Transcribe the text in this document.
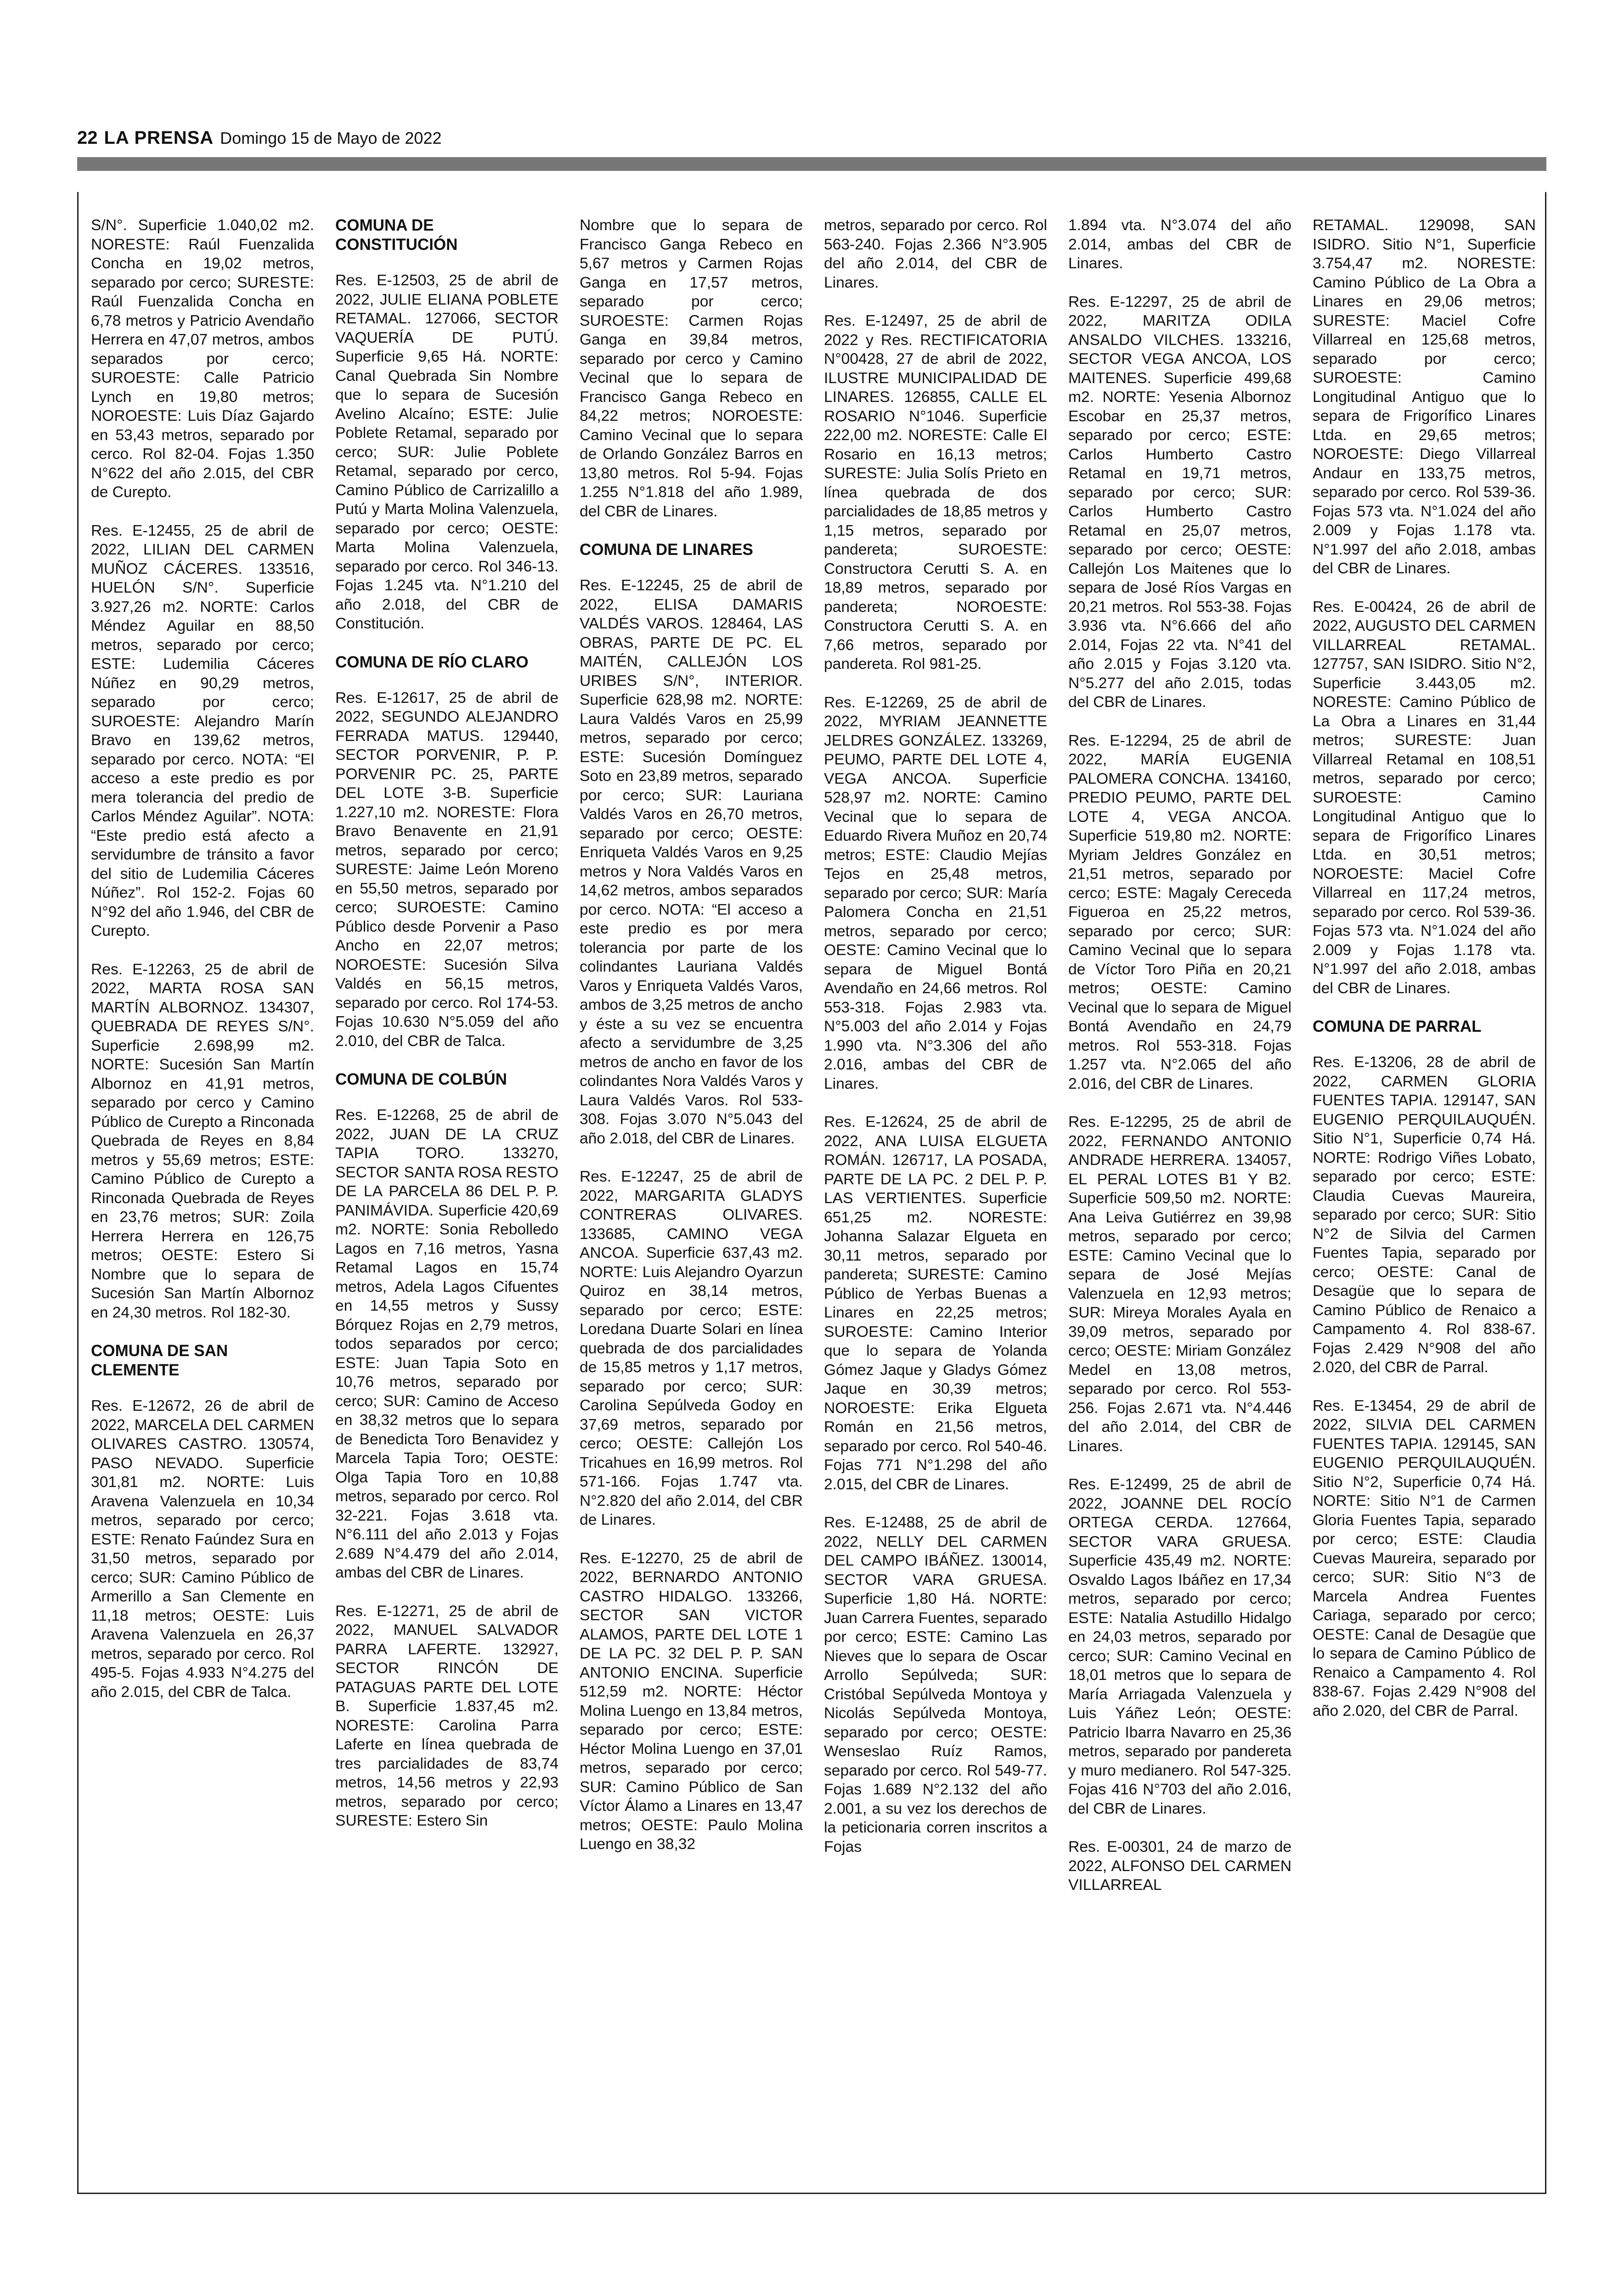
22 LA PRENSA Domingo 15 de Mayo de 2022

S/N°. Superficie 1.040,02 m2. NORESTE: Raúl Fuenzalida Concha en 19,02 metros, separado por cerco; SURESTE: Raúl Fuenzalida Concha en 6,78 metros y Patricio Avendaño Herrera en 47,07 metros, ambos separados por cerco; SUROESTE: Calle Patricio Lynch en 19,80 metros; NOROESTE: Luis Díaz Gajardo en 53,43 metros, separado por cerco. Rol 82-04. Fojas 1.350 N°622 del año 2.015, del CBR de Curepto.

Res. E-12455, 25 de abril de 2022, LILIAN DEL CARMEN MUÑOZ CÁCERES. 133516, HUELÓN S/N°. Superficie 3.927,26 m2. NORTE: Carlos Méndez Aguilar en 88,50 metros, separado por cerco; ESTE: Ludemilia Cáceres Núñez en 90,29 metros, separado por cerco; SUROESTE: Alejandro Marín Bravo en 139,62 metros, separado por cerco. NOTA: “El acceso a este predio es por mera tolerancia del predio de Carlos Méndez Aguilar”. NOTA: “Este predio está afecto a servidumbre de tránsito a favor del sitio de Ludemilia Cáceres Núñez”. Rol 152-2. Fojas 60 N°92 del año 1.946, del CBR de Curepto.

Res. E-12263, 25 de abril de 2022, MARTA ROSA SAN MARTÍN ALBORNOZ. 134307, QUEBRADA DE REYES S/N°. Superficie 2.698,99 m2. NORTE: Sucesión San Martín Albornoz en 41,91 metros, separado por cerco y Camino Público de Curepto a Rinconada Quebrada de Reyes en 8,84 metros y 55,69 metros; ESTE: Camino Público de Curepto a Rinconada Quebrada de Reyes en 23,76 metros; SUR: Zoila Herrera Herrera en 126,75 metros; OESTE: Estero Si Nombre que lo separa de Sucesión San Martín Albornoz en 24,30 metros. Rol 182-30.

COMUNA DE SAN CLEMENTE

Res. E-12672, 26 de abril de 2022, MARCELA DEL CARMEN OLIVARES CASTRO. 130574, PASO NEVADO. Superficie 301,81 m2. NORTE: Luis Aravena Valenzuela en 10,34 metros, separado por cerco; ESTE: Renato Faúndez Sura en 31,50 metros, separado por cerco; SUR: Camino Público de Armerillo a San Clemente en 11,18 metros; OESTE: Luis Aravena Valenzuela en 26,37 metros, separado por cerco. Rol 495-5. Fojas 4.933 N°4.275 del año 2.015, del CBR de Talca.

COMUNA DE CONSTITUCIÓN

Res. E-12503, 25 de abril de 2022, JULIE ELIANA POBLETE RETAMAL. 127066, SECTOR VAQUERÍA DE PUTÚ. Superficie 9,65 Há. NORTE: Canal Quebrada Sin Nombre que lo separa de Sucesión Avelino Alcaíno; ESTE: Julie Poblete Retamal, separado por cerco; SUR: Julie Poblete Retamal, separado por cerco, Camino Público de Carrizalillo a Putú y Marta Molina Valenzuela, separado por cerco; OESTE: Marta Molina Valenzuela, separado por cerco. Rol 346-13. Fojas 1.245 vta. N°1.210 del año 2.018, del CBR de Constitución.

COMUNA DE RÍO CLARO

Res. E-12617, 25 de abril de 2022, SEGUNDO ALEJANDRO FERRADA MATUS. 129440, SECTOR PORVENIR, P. P. PORVENIR PC. 25, PARTE DEL LOTE 3-B. Superficie 1.227,10 m2. NORESTE: Flora Bravo Benavente en 21,91 metros, separado por cerco; SURESTE: Jaime León Moreno en 55,50 metros, separado por cerco; SUROESTE: Camino Público desde Porvenir a Paso Ancho en 22,07 metros; NOROESTE: Sucesión Silva Valdés en 56,15 metros, separado por cerco. Rol 174-53. Fojas 10.630 N°5.059 del año 2.010, del CBR de Talca.

COMUNA DE COLBÚN

Res. E-12268, 25 de abril de 2022, JUAN DE LA CRUZ TAPIA TORO. 133270, SECTOR SANTA ROSA RESTO DE LA PARCELA 86 DEL P. P. PANIMÁVIDA. Superficie 420,69 m2. NORTE: Sonia Rebolledo Lagos en 7,16 metros, Yasna Retamal Lagos en 15,74 metros, Adela Lagos Cifuentes en 14,55 metros y Sussy Bórquez Rojas en 2,79 metros, todos separados por cerco; ESTE: Juan Tapia Soto en 10,76 metros, separado por cerco; SUR: Camino de Acceso en 38,32 metros que lo separa de Benedicta Toro Benavidez y Marcela Tapia Toro; OESTE: Olga Tapia Toro en 10,88 metros, separado por cerco. Rol 32-221. Fojas 3.618 vta. N°6.111 del año 2.013 y Fojas 2.689 N°4.479 del año 2.014, ambas del CBR de Linares.

Res. E-12271, 25 de abril de 2022, MANUEL SALVADOR PARRA LAFERTE. 132927, SECTOR RINCÓN DE PATAGUAS PARTE DEL LOTE B. Superficie 1.837,45 m2. NORESTE: Carolina Parra Laferte en línea quebrada de tres parcialidades de 83,74 metros, 14,56 metros y 22,93 metros, separado por cerco; SURESTE: Estero Sin

Nombre que lo separa de Francisco Ganga Rebeco en 5,67 metros y Carmen Rojas Ganga en 17,57 metros, separado por cerco; SUROESTE: Carmen Rojas Ganga en 39,84 metros, separado por cerco y Camino Vecinal que lo separa de Francisco Ganga Rebeco en 84,22 metros; NOROESTE: Camino Vecinal que lo separa de Orlando González Barros en 13,80 metros. Rol 5-94. Fojas 1.255 N°1.818 del año 1.989, del CBR de Linares.

COMUNA DE LINARES

Res. E-12245, 25 de abril de 2022, ELISA DAMARIS VALDÉS VAROS. 128464, LAS OBRAS, PARTE DE PC. EL MAITÉN, CALLEJÓN LOS URIBES S/N°, INTERIOR. Superficie 628,98 m2. NORTE: Laura Valdés Varos en 25,99 metros, separado por cerco; ESTE: Sucesión Domínguez Soto en 23,89 metros, separado por cerco; SUR: Lauriana Valdés Varos en 26,70 metros, separado por cerco; OESTE: Enriqueta Valdés Varos en 9,25 metros y Nora Valdés Varos en 14,62 metros, ambos separados por cerco. NOTA: “El acceso a este predio es por mera tolerancia por parte de los colindantes Lauriana Valdés Varos y Enriqueta Valdés Varos, ambos de 3,25 metros de ancho y éste a su vez se encuentra afecto a servidumbre de 3,25 metros de ancho en favor de los colindantes Nora Valdés Varos y Laura Valdés Varos. Rol 533-308. Fojas 3.070 N°5.043 del año 2.018, del CBR de Linares.

Res. E-12247, 25 de abril de 2022, MARGARITA GLADYS CONTRERAS OLIVARES. 133685, CAMINO VEGA ANCOA. Superficie 637,43 m2. NORTE: Luis Alejandro Oyarzun Quiroz en 38,14 metros, separado por cerco; ESTE: Loredana Duarte Solari en línea quebrada de dos parcialidades de 15,85 metros y 1,17 metros, separado por cerco; SUR: Carolina Sepúlveda Godoy en 37,69 metros, separado por cerco; OESTE: Callejón Los Tricahues en 16,99 metros. Rol 571-166. Fojas 1.747 vta. N°2.820 del año 2.014, del CBR de Linares.

Res. E-12270, 25 de abril de 2022, BERNARDO ANTONIO CASTRO HIDALGO. 133266, SECTOR SAN VICTOR ALAMOS, PARTE DEL LOTE 1 DE LA PC. 32 DEL P. P. SAN ANTONIO ENCINA. Superficie 512,59 m2. NORTE: Héctor Molina Luengo en 13,84 metros, separado por cerco; ESTE: Héctor Molina Luengo en 37,01 metros, separado por cerco; SUR: Camino Público de San Víctor Álamo a Linares en 13,47 metros; OESTE: Paulo Molina Luengo en 38,32

metros, separado por cerco. Rol 563-240. Fojas 2.366 N°3.905 del año 2.014, del CBR de Linares.

Res. E-12497, 25 de abril de 2022 y Res. RECTIFICATORIA N°00428, 27 de abril de 2022, ILUSTRE MUNICIPALIDAD DE LINARES. 126855, CALLE EL ROSARIO N°1046. Superficie 222,00 m2. NORESTE: Calle El Rosario en 16,13 metros; SURESTE: Julia Solís Prieto en línea quebrada de dos parcialidades de 18,85 metros y 1,15 metros, separado por pandereta; SUROESTE: Constructora Cerutti S. A. en 18,89 metros, separado por pandereta; NOROESTE: Constructora Cerutti S. A. en 7,66 metros, separado por pandereta. Rol 981-25.

Res. E-12269, 25 de abril de 2022, MYRIAM JEANNETTE JELDRES GONZÁLEZ. 133269, PEUMO, PARTE DEL LOTE 4, VEGA ANCOA. Superficie 528,97 m2. NORTE: Camino Vecinal que lo separa de Eduardo Rivera Muñoz en 20,74 metros; ESTE: Claudio Mejías Tejos en 25,48 metros, separado por cerco; SUR: María Palomera Concha en 21,51 metros, separado por cerco; OESTE: Camino Vecinal que lo separa de Miguel Bontá Avendaño en 24,66 metros. Rol 553-318. Fojas 2.983 vta. N°5.003 del año 2.014 y Fojas 1.990 vta. N°3.306 del año 2.016, ambas del CBR de Linares.

Res. E-12624, 25 de abril de 2022, ANA LUISA ELGUETA ROMÁN. 126717, LA POSADA, PARTE DE LA PC. 2 DEL P. P. LAS VERTIENTES. Superficie 651,25 m2. NORESTE: Johanna Salazar Elgueta en 30,11 metros, separado por pandereta; SURESTE: Camino Público de Yerbas Buenas a Linares en 22,25 metros; SUROESTE: Camino Interior que lo separa de Yolanda Gómez Jaque y Gladys Gómez Jaque en 30,39 metros; NOROESTE: Erika Elgueta Román en 21,56 metros, separado por cerco. Rol 540-46. Fojas 771 N°1.298 del año 2.015, del CBR de Linares.

Res. E-12488, 25 de abril de 2022, NELLY DEL CARMEN DEL CAMPO IBÁÑEZ. 130014, SECTOR VARA GRUESA. Superficie 1,80 Há. NORTE: Juan Carrera Fuentes, separado por cerco; ESTE: Camino Las Nieves que lo separa de Oscar Arrollo Sepúlveda; SUR: Cristóbal Sepúlveda Montoya y Nicolás Sepúlveda Montoya, separado por cerco; OESTE: Wenseslao Ruíz Ramos, separado por cerco. Rol 549-77. Fojas 1.689 N°2.132 del año 2.001, a su vez los derechos de la peticionaria corren inscritos a Fojas

1.894 vta. N°3.074 del año 2.014, ambas del CBR de Linares.

Res. E-12297, 25 de abril de 2022, MARITZA ODILA ANSALDO VILCHES. 133216, SECTOR VEGA ANCOA, LOS MAITENES. Superficie 499,68 m2. NORTE: Yesenia Albornoz Escobar en 25,37 metros, separado por cerco; ESTE: Carlos Humberto Castro Retamal en 19,71 metros, separado por cerco; SUR: Carlos Humberto Castro Retamal en 25,07 metros, separado por cerco; OESTE: Callejón Los Maitenes que lo separa de José Ríos Vargas en 20,21 metros. Rol 553-38. Fojas 3.936 vta. N°6.666 del año 2.014, Fojas 22 vta. N°41 del año 2.015 y Fojas 3.120 vta. N°5.277 del año 2.015, todas del CBR de Linares.

Res. E-12294, 25 de abril de 2022, MARÍA EUGENIA PALOMERA CONCHA. 134160, PREDIO PEUMO, PARTE DEL LOTE 4, VEGA ANCOA. Superficie 519,80 m2. NORTE: Myriam Jeldres González en 21,51 metros, separado por cerco; ESTE: Magaly Cereceda Figueroa en 25,22 metros, separado por cerco; SUR: Camino Vecinal que lo separa de Víctor Toro Piña en 20,21 metros; OESTE: Camino Vecinal que lo separa de Miguel Bontá Avendaño en 24,79 metros. Rol 553-318. Fojas 1.257 vta. N°2.065 del año 2.016, del CBR de Linares.

Res. E-12295, 25 de abril de 2022, FERNANDO ANTONIO ANDRADE HERRERA. 134057, EL PERAL LOTES B1 Y B2. Superficie 509,50 m2. NORTE: Ana Leiva Gutiérrez en 39,98 metros, separado por cerco; ESTE: Camino Vecinal que lo separa de José Mejías Valenzuela en 12,93 metros; SUR: Mireya Morales Ayala en 39,09 metros, separado por cerco; OESTE: Miriam González Medel en 13,08 metros, separado por cerco. Rol 553-256. Fojas 2.671 vta. N°4.446 del año 2.014, del CBR de Linares.

Res. E-12499, 25 de abril de 2022, JOANNE DEL ROCÍO ORTEGA CERDA. 127664, SECTOR VARA GRUESA. Superficie 435,49 m2. NORTE: Osvaldo Lagos Ibáñez en 17,34 metros, separado por cerco; ESTE: Natalia Astudillo Hidalgo en 24,03 metros, separado por cerco; SUR: Camino Vecinal en 18,01 metros que lo separa de María Arriagada Valenzuela y Luis Yáñez León; OESTE: Patricio Ibarra Navarro en 25,36 metros, separado por pandereta y muro medianero. Rol 547-325. Fojas 416 N°703 del año 2.016, del CBR de Linares.

Res. E-00301, 24 de marzo de 2022, ALFONSO DEL CARMEN VILLARREAL

RETAMAL. 129098, SAN ISIDRO. Sitio N°1, Superficie 3.754,47 m2. NORESTE: Camino Público de La Obra a Linares en 29,06 metros; SURESTE: Maciel Cofre Villarreal en 125,68 metros, separado por cerco; SUROESTE: Camino Longitudinal Antiguo que lo separa de Frigorífico Linares Ltda. en 29,65 metros; NOROESTE: Diego Villarreal Andaur en 133,75 metros, separado por cerco. Rol 539-36. Fojas 573 vta. N°1.024 del año 2.009 y Fojas 1.178 vta. N°1.997 del año 2.018, ambas del CBR de Linares.

Res. E-00424, 26 de abril de 2022, AUGUSTO DEL CARMEN VILLARREAL RETAMAL. 127757, SAN ISIDRO. Sitio N°2, Superficie 3.443,05 m2. NORESTE: Camino Público de La Obra a Linares en 31,44 metros; SURESTE: Juan Villarreal Retamal en 108,51 metros, separado por cerco; SUROESTE: Camino Longitudinal Antiguo que lo separa de Frigorífico Linares Ltda. en 30,51 metros; NOROESTE: Maciel Cofre Villarreal en 117,24 metros, separado por cerco. Rol 539-36. Fojas 573 vta. N°1.024 del año 2.009 y Fojas 1.178 vta. N°1.997 del año 2.018, ambas del CBR de Linares.

COMUNA DE PARRAL

Res. E-13206, 28 de abril de 2022, CARMEN GLORIA FUENTES TAPIA. 129147, SAN EUGENIO PERQUILAUQUÉN. Sitio N°1, Superficie 0,74 Há. NORTE: Rodrigo Viñes Lobato, separado por cerco; ESTE: Claudia Cuevas Maureira, separado por cerco; SUR: Sitio N°2 de Silvia del Carmen Fuentes Tapia, separado por cerco; OESTE: Canal de Desagüe que lo separa de Camino Público de Renaico a Campamento 4. Rol 838-67. Fojas 2.429 N°908 del año 2.020, del CBR de Parral.

Res. E-13454, 29 de abril de 2022, SILVIA DEL CARMEN FUENTES TAPIA. 129145, SAN EUGENIO PERQUILAUQUÉN. Sitio N°2, Superficie 0,74 Há. NORTE: Sitio N°1 de Carmen Gloria Fuentes Tapia, separado por cerco; ESTE: Claudia Cuevas Maureira, separado por cerco; SUR: Sitio N°3 de Marcela Andrea Fuentes Cariaga, separado por cerco; OESTE: Canal de Desagüe que lo separa de Camino Público de Renaico a Campamento 4. Rol 838-67. Fojas 2.429 N°908 del año 2.020, del CBR de Parral.
